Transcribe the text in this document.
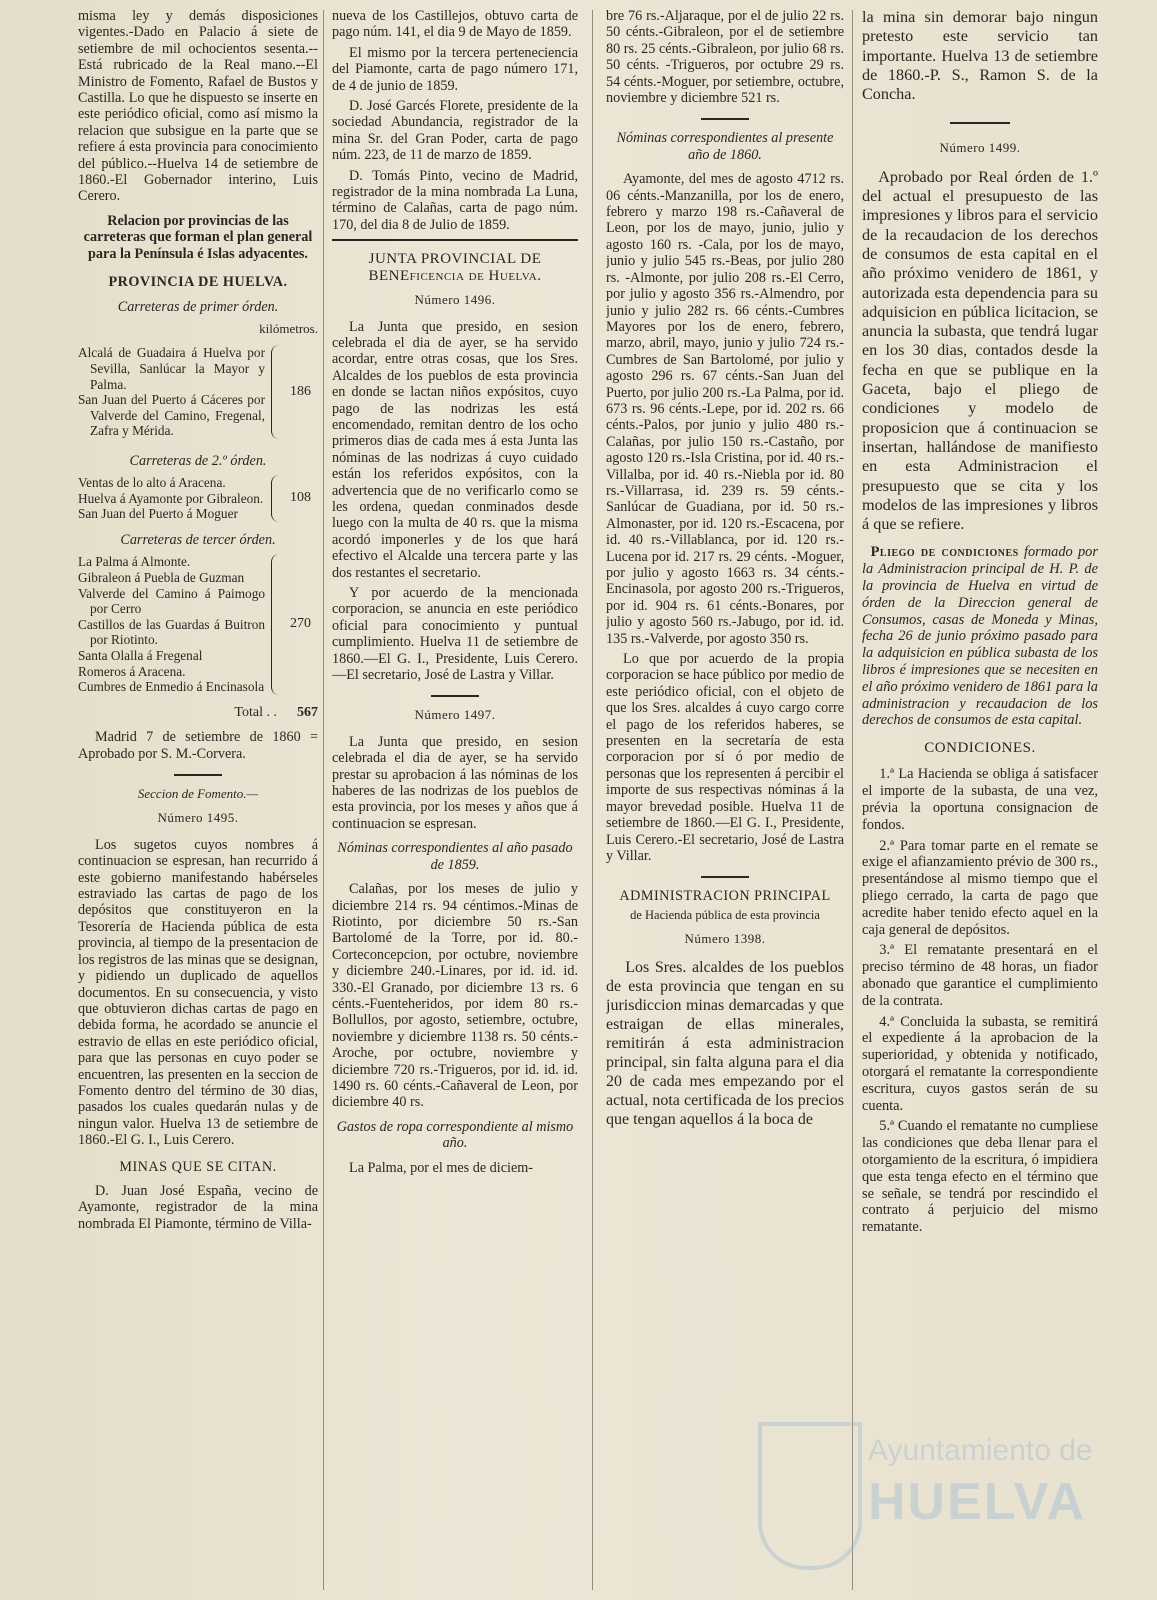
misma ley y demás disposiciones vigentes.-Dado en Palacio á siete de setiembre de mil ochocientos sesenta.--Está rubricado de la Real mano.--El Ministro de Fomento, Rafael de Bustos y Castilla. Lo que he dispuesto se inserte en este periódico oficial, como así mismo la relacion que subsigue en la parte que se refiere á esta provincia para conocimiento del público.--Huelva 14 de setiembre de 1860.-El Gobernador interino, Luis Cerero.

Relacion por provincias de las carreteras que forman el plan general para la Península é Islas adyacentes.

PROVINCIA DE HUELVA.
Carreteras de primer órden.
kilómetros.
Alcalá de Guadaira á Huelva por Sevilla, Sanlúcar la Mayor y Palma.
San Juan del Puerto á Cáceres por Valverde del Camino, Fregenal, Zafra y Mérida.
186
Carreteras de 2.º órden.
Ventas de lo alto á Aracena.
Huelva á Ayamonte por Gibraleon.
San Juan del Puerto á Moguer
108
Carreteras de tercer órden.
La Palma á Almonte.
Gibraleon á Puebla de Guzman
Valverde del Camino á Paimogo por Cerro
Castillos de las Guardas á Buitron por Riotinto.
Santa Olalla á Fregenal
Romeros á Aracena.
Cumbres de Enmedio á Encinasola
270
Total . . 567

Madrid 7 de setiembre de 1860 = Aprobado por S. M.-Corvera.

Seccion de Fomento.—
Número 1495.

Los sugetos cuyos nombres á continuacion se espresan, han recurrido á este gobierno manifestando habérseles estraviado las cartas de pago de los depósitos que constituyeron en la Tesorería de Hacienda pública de esta provincia, al tiempo de la presentacion de los registros de las minas que se designan, y pidiendo un duplicado de aquellos documentos. En su consecuencia, y visto que obtuvieron dichas cartas de pago en debida forma, he acordado se anuncie el estravio de ellas en este periódico oficial, para que las personas en cuyo poder se encuentren, las presenten en la seccion de Fomento dentro del término de 30 dias, pasados los cuales quedarán nulas y de ningun valor. Huelva 13 de setiembre de 1860.-El G. I., Luis Cerero.

MINAS QUE SE CITAN.

D. Juan José España, vecino de Ayamonte, registrador de la mina nombrada El Piamonte, término de Villa-

nueva de los Castillejos, obtuvo carta de pago núm. 141, el dia 9 de Mayo de 1859.

El mismo por la tercera perteneciencia del Piamonte, carta de pago número 171, de 4 de junio de 1859.

D. José Garcés Florete, presidente de la sociedad Abundancia, registrador de la mina Sr. del Gran Poder, carta de pago núm. 223, de 11 de marzo de 1859.

D. Tomás Pinto, vecino de Madrid, registrador de la mina nombrada La Luna, término de Calañas, carta de pago núm. 170, del dia 8 de Julio de 1859.

JUNTA PROVINCIAL DE BENEficencia de Huelva.
Número 1496.

La Junta que presido, en sesion celebrada el dia de ayer, se ha servido acordar, entre otras cosas, que los Sres. Alcaldes de los pueblos de esta provincia en donde se lactan niños expósitos, cuyo pago de las nodrizas les está encomendado, remitan dentro de los ocho primeros dias de cada mes á esta Junta las nóminas de las nodrizas á cuyo cuidado están los referidos expósitos, con la advertencia que de no verificarlo como se les ordena, quedan conminados desde luego con la multa de 40 rs. que la misma acordó imponerles y de los que hará efectivo el Alcalde una tercera parte y las dos restantes el secretario.

Y por acuerdo de la mencionada corporacion, se anuncia en este periódico oficial para conocimiento y puntual cumplimiento. Huelva 11 de setiembre de 1860.—El G. I., Presidente, Luis Cerero.—El secretario, José de Lastra y Villar.

Número 1497.

La Junta que presido, en sesion celebrada el dia de ayer, se ha servido prestar su aprobacion á las nóminas de los haberes de las nodrizas de los pueblos de esta provincia, por los meses y años que á continuacion se espresan.

Nóminas correspondientes al año pasado de 1859.

Calañas, por los meses de julio y diciembre 214 rs. 94 céntimos.-Minas de Riotinto, por diciembre 50 rs.-San Bartolomé de la Torre, por id. 80.-Corteconcepcion, por octubre, noviembre y diciembre 240.-Linares, por id. id. id. 330.-El Granado, por diciembre 13 rs. 6 cénts.-Fuenteheridos, por idem 80 rs.-Bollullos, por agosto, setiembre, octubre, noviembre y diciembre 1138 rs. 50 cénts.-Aroche, por octubre, noviembre y diciembre 720 rs.-Trigueros, por id. id. id. 1490 rs. 60 cénts.-Cañaveral de Leon, por diciembre 40 rs.

Gastos de ropa correspondiente al mismo año.

La Palma, por el mes de diciem-

bre 76 rs.-Aljaraque, por el de julio 22 rs. 50 cénts.-Gibraleon, por el de setiembre 80 rs. 25 cénts.-Gibraleon, por julio 68 rs. 50 cénts. -Trigueros, por octubre 29 rs. 54 cénts.-Moguer, por setiembre, octubre, noviembre y diciembre 521 rs.

Nóminas correspondientes al presente año de 1860.

Ayamonte, del mes de agosto 4712 rs. 06 cénts.-Manzanilla, por los de enero, febrero y marzo 198 rs.-Cañaveral de Leon, por los de mayo, junio, julio y agosto 160 rs. -Cala, por los de mayo, junio y julio 545 rs.-Beas, por julio 280 rs. -Almonte, por julio 208 rs.-El Cerro, por julio y agosto 356 rs.-Almendro, por junio y julio 282 rs. 66 cénts.-Cumbres Mayores por los de enero, febrero, marzo, abril, mayo, junio y julio 724 rs.-Cumbres de San Bartolomé, por julio y agosto 296 rs. 67 cénts.-San Juan del Puerto, por julio 200 rs.-La Palma, por id. 673 rs. 96 cénts.-Lepe, por id. 202 rs. 66 cénts.-Palos, por junio y julio 480 rs.-Calañas, por julio 150 rs.-Castaño, por agosto 120 rs.-Isla Cristina, por id. 40 rs.-Villalba, por id. 40 rs.-Niebla por id. 80 rs.-Villarrasa, id. 239 rs. 59 cénts.-Sanlúcar de Guadiana, por id. 50 rs.-Almonaster, por id. 120 rs.-Escacena, por id. 40 rs.-Villablanca, por id. 120 rs.-Lucena por id. 217 rs. 29 cénts. -Moguer, por julio y agosto 1663 rs. 34 cénts.-Encinasola, por agosto 200 rs.-Trigueros, por id. 904 rs. 61 cénts.-Bonares, por julio y agosto 560 rs.-Jabugo, por id. id. 135 rs.-Valverde, por agosto 350 rs.

Lo que por acuerdo de la propia corporacion se hace público por medio de este periódico oficial, con el objeto de que los Sres. alcaldes á cuyo cargo corre el pago de los referidos haberes, se presenten en la secretaría de esta corporacion por sí ó por medio de personas que los representen á percibir el importe de sus respectivas nóminas á la mayor brevedad posible. Huelva 11 de setiembre de 1860.—El G. I., Presidente, Luis Cerero.-El secretario, José de Lastra y Villar.

ADMINISTRACION PRINCIPAL
de Hacienda pública de esta provincia
Número 1398.

Los Sres. alcaldes de los pueblos de esta provincia que tengan en su jurisdiccion minas demarcadas y que estraigan de ellas minerales, remitirán á esta administracion principal, sin falta alguna para el dia 20 de cada mes empezando por el actual, nota certificada de los precios que tengan aquellos á la boca de

la mina sin demorar bajo ningun pretesto este servicio tan importante. Huelva 13 de setiembre de 1860.-P. S., Ramon S. de la Concha.

Número 1499.

Aprobado por Real órden de 1.º del actual el presupuesto de las impresiones y libros para el servicio de la recaudacion de los derechos de consumos de esta capital en el año próximo venidero de 1861, y autorizada esta dependencia para su adquisicion en pública licitacion, se anuncia la subasta, que tendrá lugar en los 30 dias, contados desde la fecha en que se publique en la Gaceta, bajo el pliego de condiciones y modelo de proposicion que á continuacion se insertan, hallándose de manifiesto en esta Administracion el presupuesto que se cita y los modelos de las impresiones y libros á que se refiere.

Pliego de condiciones formado por la Administracion principal de H. P. de la provincia de Huelva en virtud de órden de la Direccion general de Consumos, casas de Moneda y Minas, fecha 26 de junio próximo pasado para la adquisicion en pública subasta de los libros é impresiones que se necesiten en el año próximo venidero de 1861 para la administracion y recaudacion de los derechos de consumos de esta capital.

CONDICIONES.

1.ª La Hacienda se obliga á satisfacer el importe de la subasta, de una vez, prévia la oportuna consignacion de fondos.

2.ª Para tomar parte en el remate se exige el afianzamiento prévio de 300 rs., presentándose al mismo tiempo que el pliego cerrado, la carta de pago que acredite haber tenido efecto aquel en la caja general de depósitos.

3.ª El rematante presentará en el preciso término de 48 horas, un fiador abonado que garantice el cumplimiento de la contrata.

4.ª Concluida la subasta, se remitirá el expediente á la aprobacion de la superioridad, y obtenida y notificado, otorgará el rematante la correspondiente escritura, cuyos gastos serán de su cuenta.

5.ª Cuando el rematante no cumpliese las condiciones que deba llenar para el otorgamiento de la escritura, ó impidiera que esta tenga efecto en el término que se señale, se tendrá por rescindido el contrato á perjuicio del mismo rematante.

Ayuntamiento de
HUELVA
